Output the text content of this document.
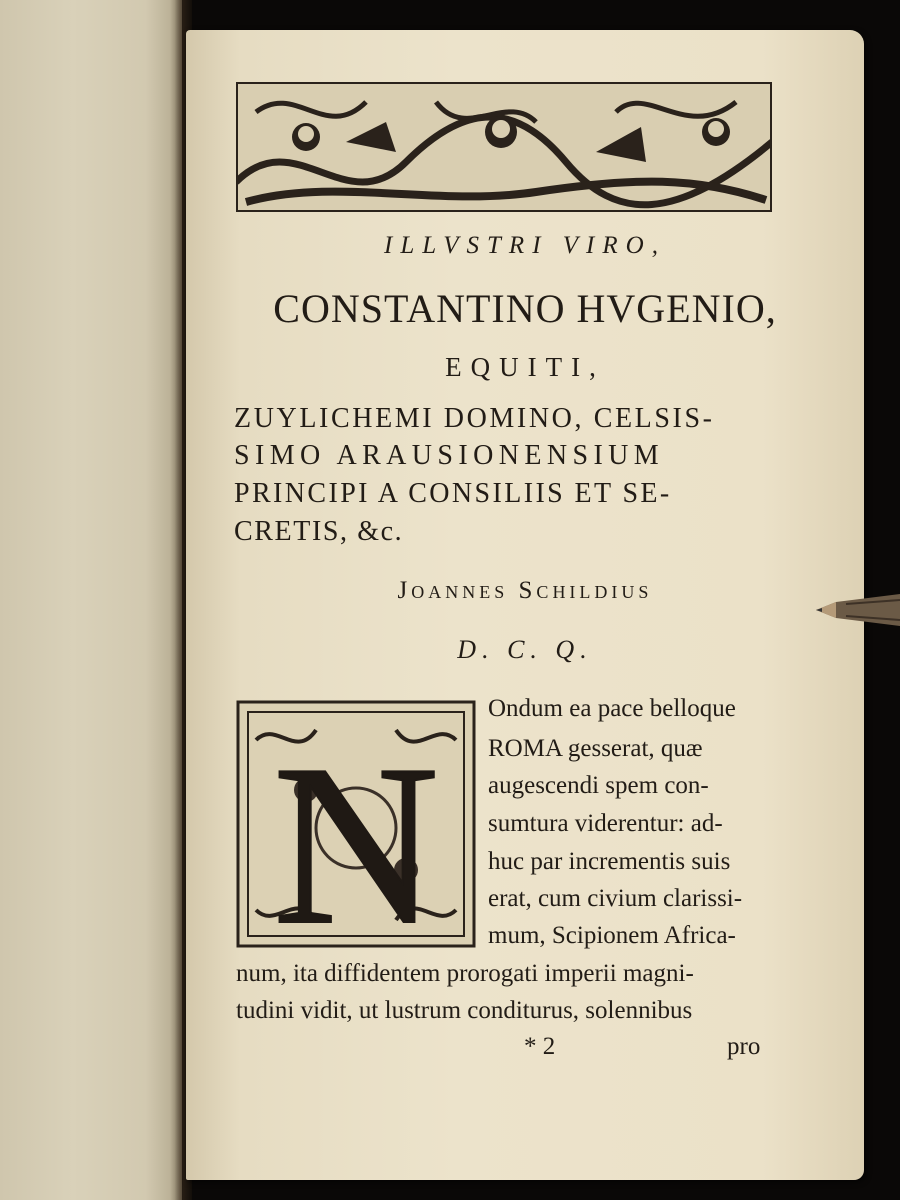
ILLVSTRI VIRO,
CONSTANTINO HVGENIO,
EQUITI,
ZUYLICHEMI DOMINO, CELSIS-
SIMO ARAUSIONENSIUM
PRINCIPI A CONSILIIS ET SE-
CRETIS, &c.
Joannes Schildius
D. C. Q.
N
Ondum ea pace belloque
ROMA gesserat, quæ
augescendi spem con-
sumtura viderentur: ad-
huc par incrementis suis
erat, cum civium clarissi-
mum, Scipionem Africa-
num, ita diffidentem prorogati imperii magni-
tudini vidit, ut lustrum conditurus, solennibus
* 2	pro
